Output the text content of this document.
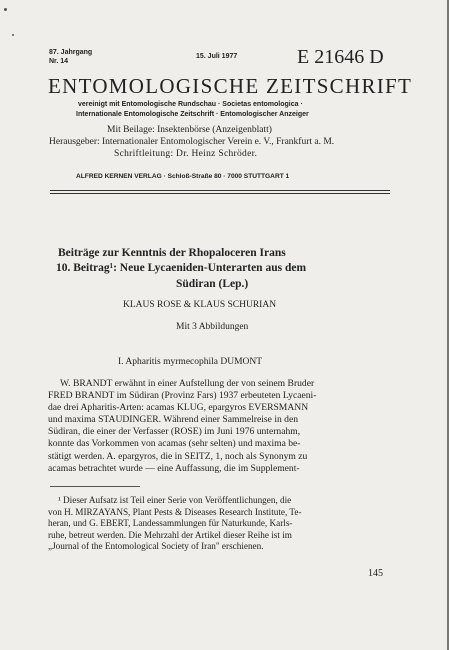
87. Jahrgang
Nr. 14
15. Juli 1977	E 21646 D
ENTOMOLOGISCHE ZEITSCHRIFT
vereinigt mit Entomologische Rundschau · Societas entomologica ·
Internationale Entomologische Zeitschrift · Entomologischer Anzeiger
Mit Beilage: Insektenbörse (Anzeigenblatt)
Herausgeber: Internationaler Entomologischer Verein e. V., Frankfurt a. M.
Schriftleitung: Dr. Heinz Schröder.
ALFRED KERNEN VERLAG · Schloß-Straße 80 · 7000 STUTTGART 1
Beiträge zur Kenntnis der Rhopaloceren Irans
10. Beitrag¹: Neue Lycaeniden-Unterarten aus dem
Südiran (Lep.)
KLAUS ROSE & KLAUS SCHURIAN
Mit 3 Abbildungen
I. Apharitis myrmecophila DUMONT
W. BRANDT erwähnt in einer Aufstellung der von seinem Bruder
FRED BRANDT im Südiran (Provinz Fars) 1937 erbeuteten Lycaeni-
dae drei Apharitis-Arten: acamas KLUG, epargyros EVERSMANN
und maxima STAUDINGER. Während einer Sammelreise in den
Südiran, die einer der Verfasser (ROSE) im Juni 1976 unternahm,
konnte das Vorkommen von acamas (sehr selten) und maxima be-
stätigt werden. A. epargyros, die in SEITZ, 1, noch als Synonym zu
acamas betrachtet wurde — eine Auffassung, die im Supplement-
¹ Dieser Aufsatz ist Teil einer Serie von Veröffentlichungen, die
von H. MIRZAYANS, Plant Pests & Diseases Research Institute, Te-
heran, und G. EBERT, Landessammlungen für Naturkunde, Karls-
ruhe, betreut werden. Die Mehrzahl der Artikel dieser Reihe ist im
„Journal of the Entomological Society of Iran" erschienen.
145
